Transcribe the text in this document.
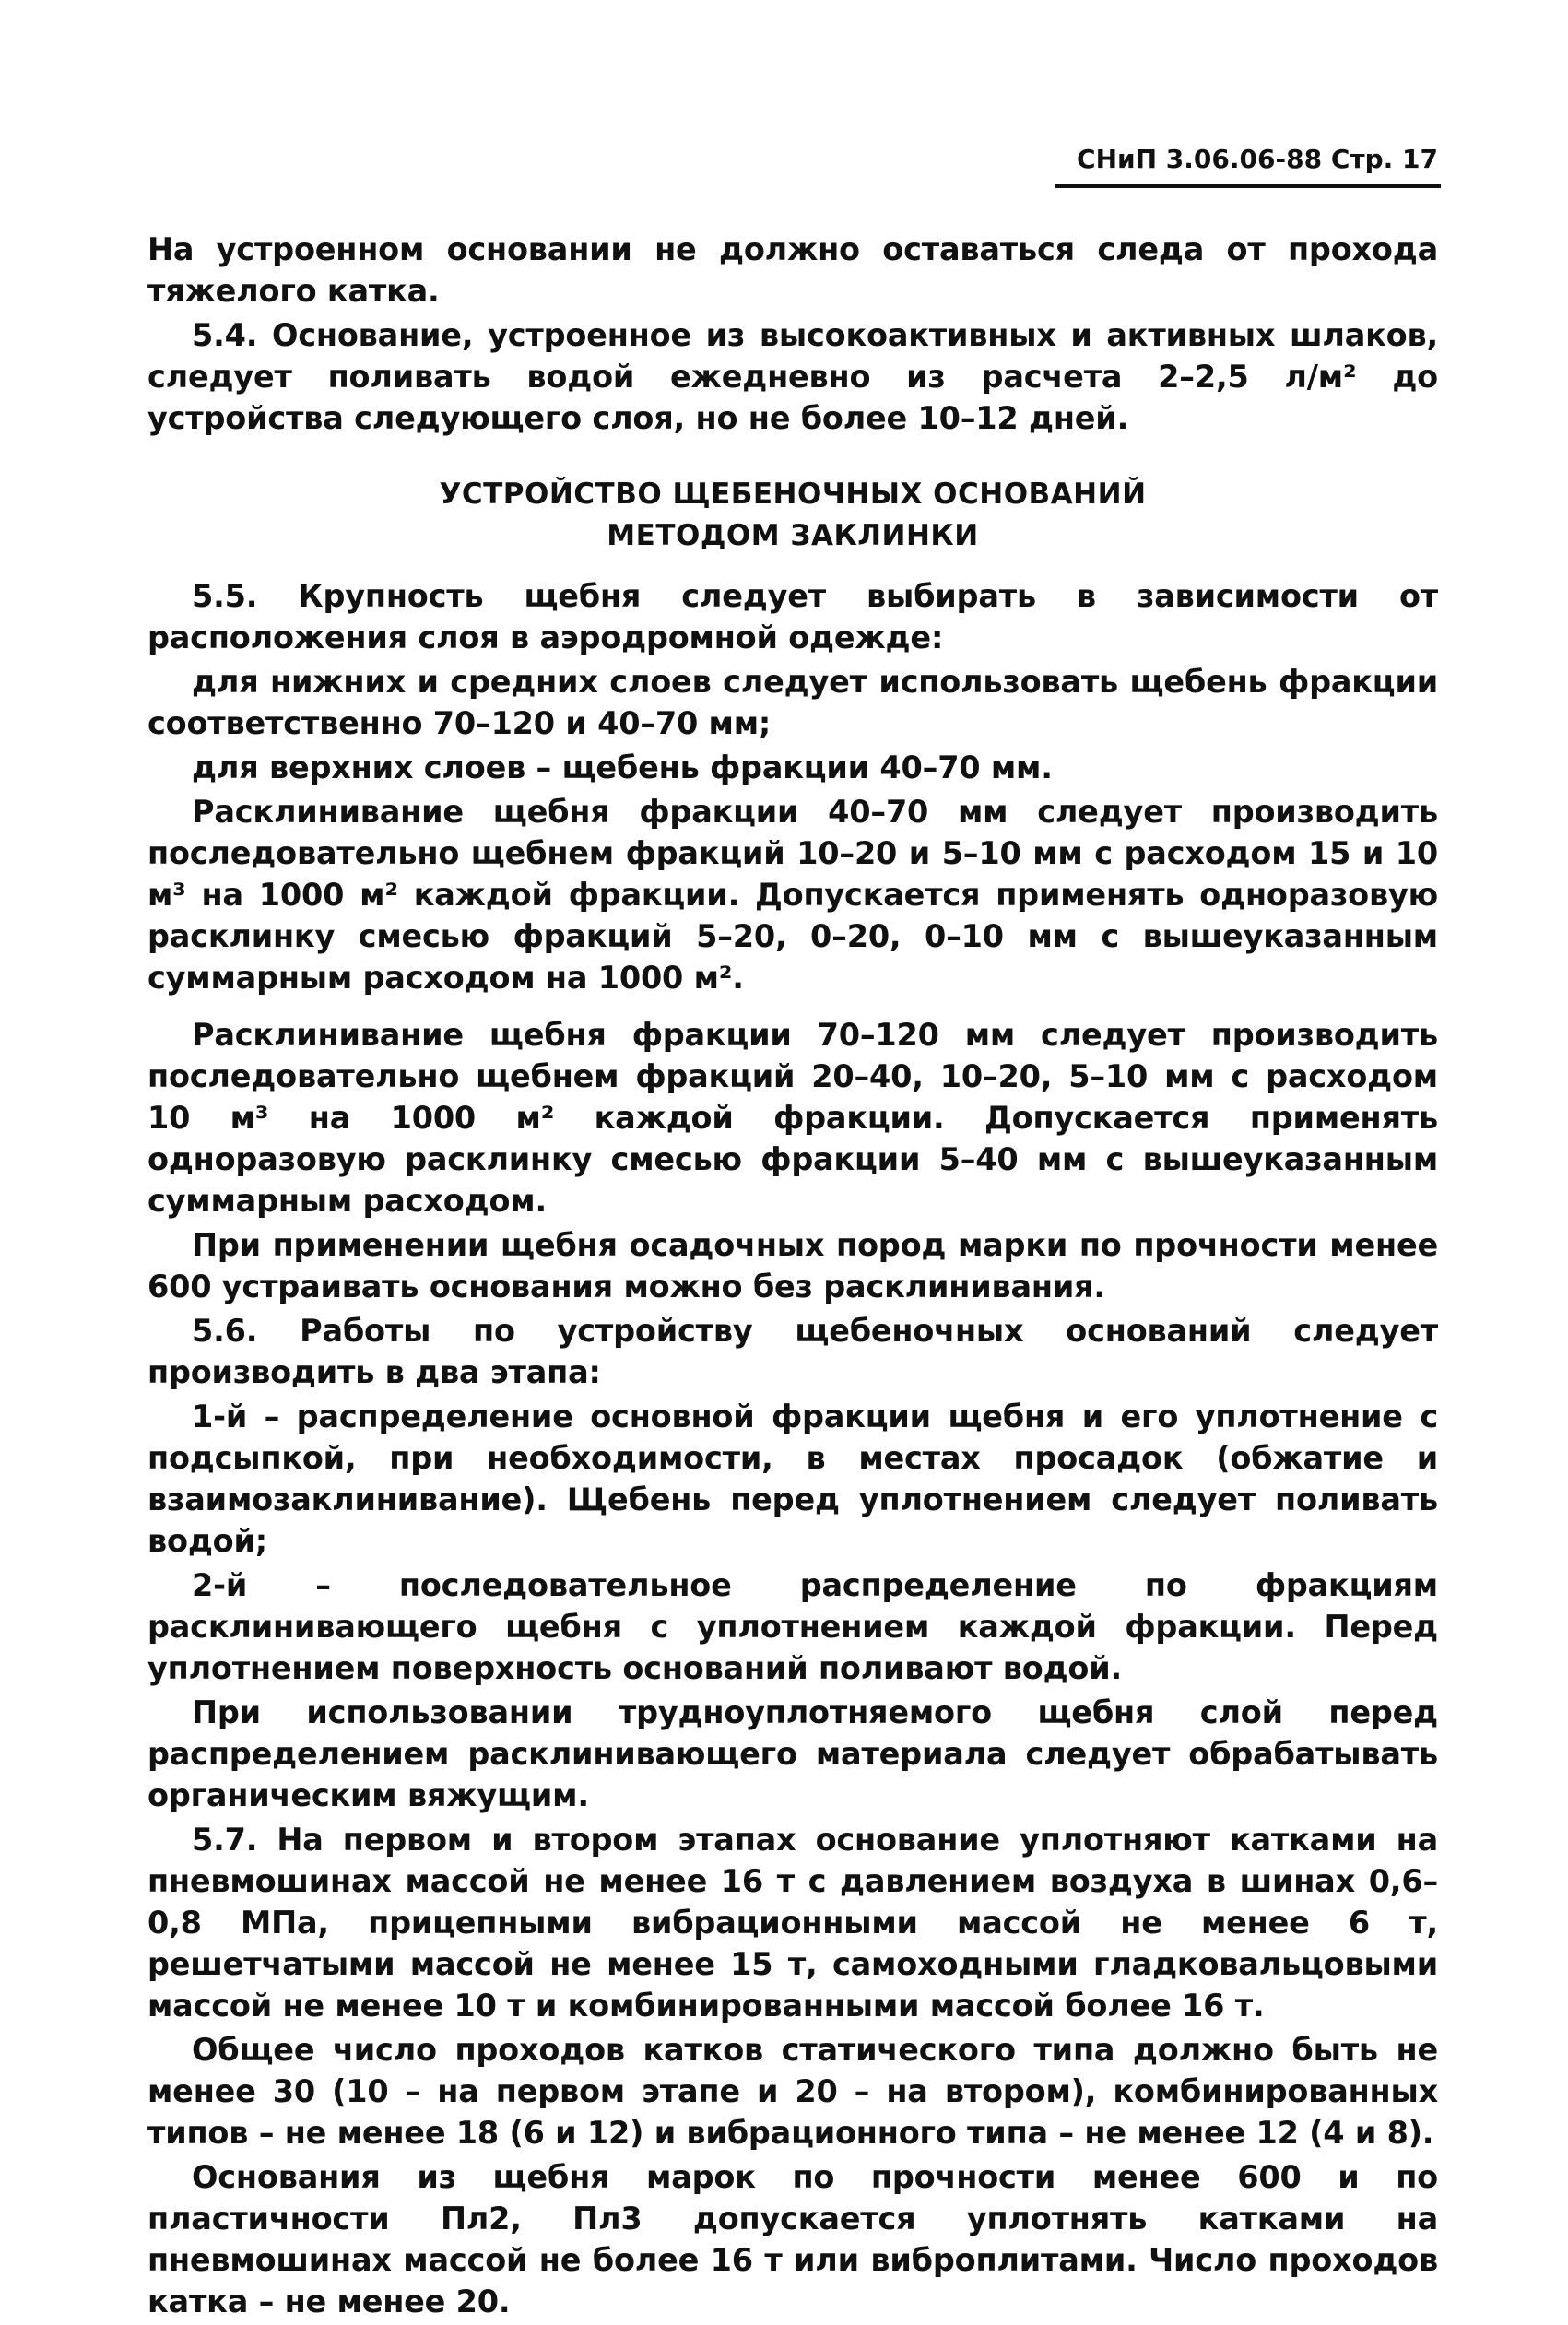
СНиП 3.06.06-88 Стр. 17

На устроенном основании не должно оставаться следа от прохода тяжелого катка.

5.4. Основание, устроенное из высокоактивных и активных шлаков, следует поливать водой ежедневно из расчета 2–2,5 л/м² до устройства следующего слоя, но не более 10–12 дней.

УСТРОЙСТВО ЩЕБЕНОЧНЫХ ОСНОВАНИЙ
МЕТОДОМ ЗАКЛИНКИ

5.5. Крупность щебня следует выбирать в зависимости от расположения слоя в аэродромной одежде:

для нижних и средних слоев следует использовать щебень фракции соответственно 70–120 и 40–70 мм;

для верхних слоев – щебень фракции 40–70 мм.

Расклинивание щебня фракции 40–70 мм следует производить последовательно щебнем фракций 10–20 и 5–10 мм с расходом 15 и 10 м³ на 1000 м² каждой фракции. Допускается применять одноразовую расклинку смесью фракций 5–20, 0–20, 0–10 мм с вышеуказанным суммарным расходом на 1000 м².

Расклинивание щебня фракции 70–120 мм следует производить последовательно щебнем фракций 20–40, 10–20, 5–10 мм с расходом 10 м³ на 1000 м² каждой фракции. Допускается применять одноразовую расклинку смесью фракции 5–40 мм с вышеуказанным суммарным расходом.

При применении щебня осадочных пород марки по прочности менее 600 устраивать основания можно без расклинивания.

5.6. Работы по устройству щебеночных оснований следует производить в два этапа:

1-й – распределение основной фракции щебня и его уплотнение с подсыпкой, при необходимости, в местах просадок (обжатие и взаимозаклинивание). Щебень перед уплотнением следует поливать водой;

2-й – последовательное распределение по фракциям расклинивающего щебня с уплотнением каждой фракции. Перед уплотнением поверхность оснований поливают водой.

При использовании трудноуплотняемого щебня слой перед распределением расклинивающего материала следует обрабатывать органическим вяжущим.

5.7. На первом и втором этапах основание уплотняют катками на пневмошинах массой не менее 16 т с давлением воздуха в шинах 0,6–0,8 МПа, прицепными вибрационными массой не менее 6 т, решетчатыми массой не менее 15 т, самоходными гладковальцовыми массой не менее 10 т и комбинированными массой более 16 т.

Общее число проходов катков статического типа должно быть не менее 30 (10 – на первом этапе и 20 – на втором), комбинированных типов – не менее 18 (6 и 12) и вибрационного типа – не менее 12 (4 и 8).

Основания из щебня марок по прочности менее 600 и по пластичности Пл2, Пл3 допускается уплотнять катками на пневмошинах массой не более 16 т или виброплитами. Число проходов катка – не менее 20.
